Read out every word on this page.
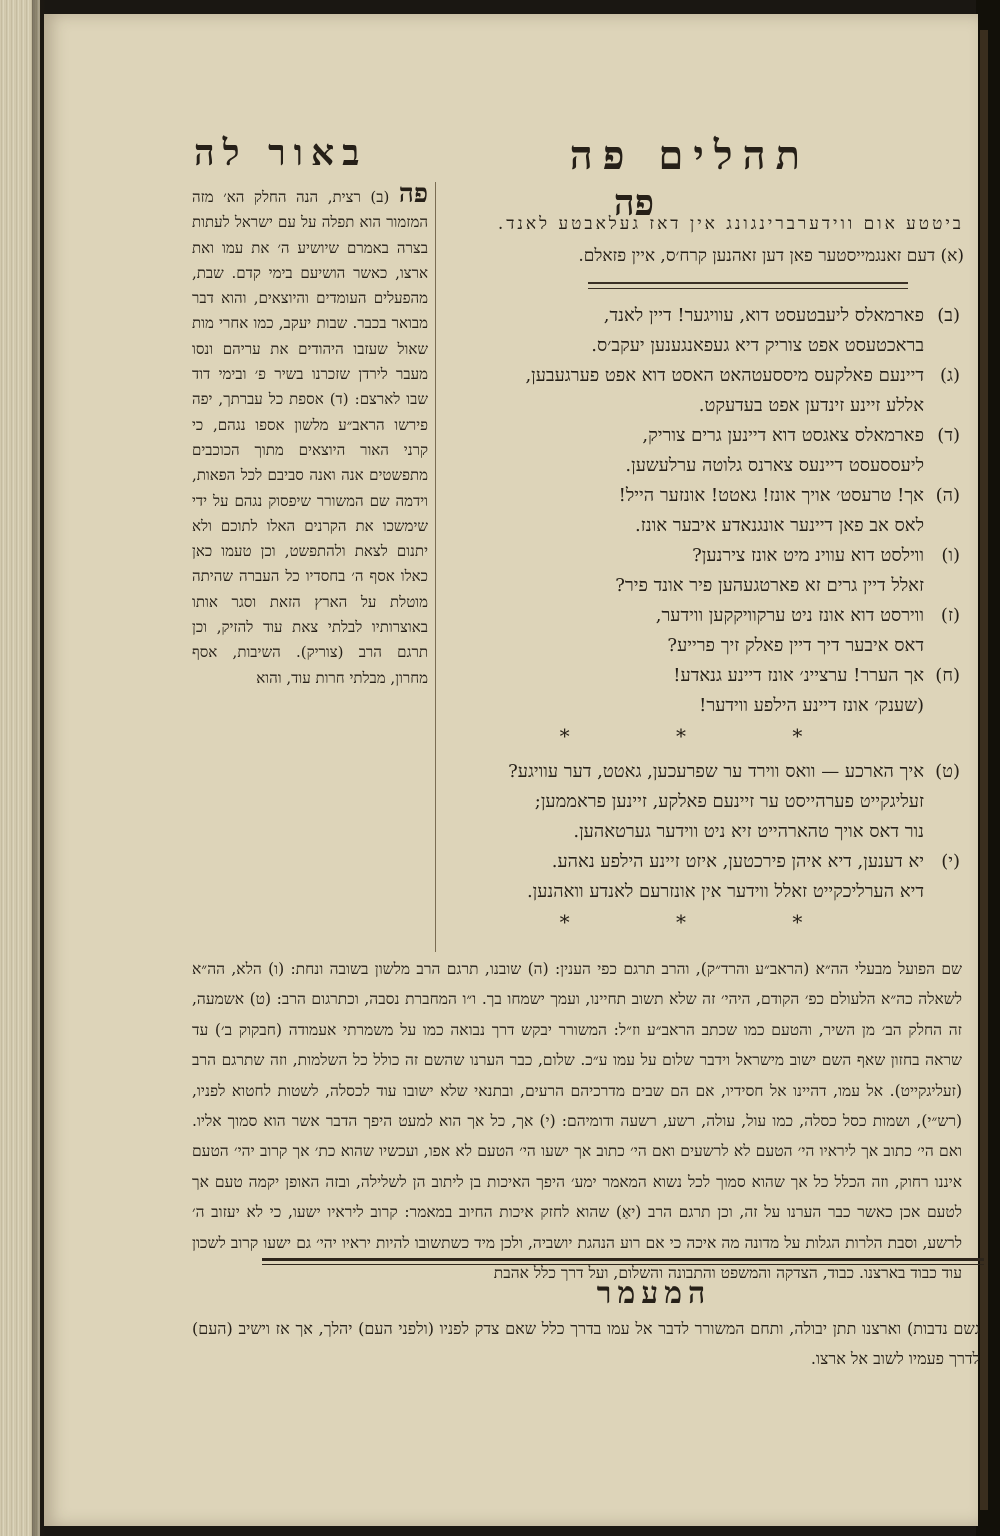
תהלים פה
באור לה
פה
פה (ב) רצית, הנה החלק הא׳ מזה המזמור הוא תפלה על עם ישראל לעתות בצרה באמרם שיושיע ה׳ את עמו ואת ארצו, כאשר הושיעם בימי קדם. שבת, מהפעלים העומדים והיוצאים, והוא דבר מבואר בכבר. שבות יעקב, כמו אחרי מות שאול שעזבו היהודים את עריהם ונסו מעבר לירדן שזכרנו בשיר פ׳ ובימי דוד שבו לארצם: (ד) אספת כל עברתך, יפה פירשו הראב״ע מלשון אספו נגהם, כי קרני האור היוצאים מתוך הכוכבים מתפשטים אנה ואנה סביבם לכל הפאות, וידמה שם המשורר שיפסוק נגהם על ידי שימשכו את הקרנים האלו לתוכם ולא יתנום לצאת ולהתפשט, וכן טעמו כאן כאלו אסף ה׳ בחסדיו כל העברה שהיתה מוטלת על הארץ הזאת וסגר אותו באוצרותיו לבלתי צאת עוד להזיק, וכן תרגם הרב (צוריק). השיבות, אסף מחרון, מבלתי חרות עוד, והוא
ביטטע אום ווידערברינגונג אין דאז געלאבטע לאנד.
(א) דעם זאנגמייסטער פאן דען זאהנען קרח׳ס, איין פזאלם.
(ב)פארמאלס ליעבטעסט דוא, עוויגער! דיין לאנד,
בראכטעסט אפט צוריק דיא געפאנגענען יעקב׳ס.
(ג)דיינעם פאלקעס מיססעטהאט האסט דוא אפט פערגעבען,
אללע זיינע זינדען אפט בעדעקט.
(ד)פארמאלס צאגסט דוא דיינען גרים צוריק,
ליעססעסט דיינעס צארנס גלוטה ערלעשען.
(ה)אך! טרעסט׳ אויך אונז! גאטט! אונזער הייל!
לאס אב פאן דיינער אונגנאדע איבער אונז.
(ו)ווילסט דוא עווינ מיט אונז צירנען?
זאלל דיין גרים זא פארטגעהען פיר אונד פיר?
(ז)ווירסט דוא אונז ניט ערקוויקקען ווידער,
דאס איבער דיך דיין פאלק זיך פרייע?
(ח)אך הערר! ערציינ׳ אונז דיינע גנאדע!
(שענק׳ אונז דיינע הילפע ווידער!
* * *
(ט)איך הארכע — וואס ווירד ער שפרעכען, גאטט, דער עוויגע?
זעליגקייט פערהייסט ער זיינעם פאלקע, זיינען פראממען;
נור דאס אויך טהארהייט זיא ניט ווידער גערטאהען.
(י)יא דענען, דיא איהן פירכטען, איזט זיינע הילפע נאהע.
דיא הערליכקייט זאלל ווידער אין אונזרעם לאנדע וואהנען.
* * *
שם הפועל מבעלי הה״א (הראב״ע והרד״ק), והרב תרגם כפי הענין: (ה) שובנו, תרגם הרב מלשון בשובה ונחת: (ו) הלא, הה״א לשאלה כה״א הלעולם כפ׳ הקודם, היהי׳ זה שלא תשוב תחיינו, ועמך ישמחו בך. ו״ו המחברת נסבה, וכתרגום הרב: (ט) אשמעה, זה החלק הב׳ מן השיר, והטעם כמו שכתב הראב״ע וז״ל: המשורר יבקש דרך נבואה כמו על משמרתי אעמודה (חבקוק ב׳) עד שראה בחזון שאף השם ישוב מישראל וידבר שלום על עמו ע״כ. שלום, כבר הערנו שהשם זה כולל כל השלמות, וזה שתרגם הרב (זעליגקייט). אל עמו, דהיינו אל חסידיו, אם הם שבים מדרכיהם הרעים, ובתנאי שלא ישובו עוד לכסלה, לשטות לחטוא לפניו, (רש״י), ושמות כסל כסלה, כמו עול, עולה, רשע, רשעה ודומיהם: (י) אך, כל אך הוא למעט היפך הדבר אשר הוא סמוך אליו. ואם הי׳ כתוב אך ליראיו הי׳ הטעם לא לרשעים ואם הי׳ כתוב אך ישעו הי׳ הטעם לא אפו, ועכשיו שהוא כת׳ אך קרוב יהי׳ הטעם איננו רחוק, וזה הכלל כל אך שהוא סמוך לכל נשוא המאמר ימע׳ היפך האיכות בן ליתוב הן לשלילה, ובזה האופן יקמה טעם אך לטעם אכן כאשר כבר הערנו על זה, וכן תרגם הרב (יאַ) שהוא לחזק איכות החיוב במאמר: קרוב ליראיו ישעו, כי לא יעזוב ה׳ לרשע, וסבת הלרות הגלות על מדונה מה איכה כי אם רוע הנהגת יושביה, ולכן מיד כשתשובו להיות יראיו יהי׳ גם ישעו קרוב לשכון עוד כבוד בארצנו. כבוד, הצדקה והמשפט והתבונה והשלום, ועל דרך כלל אהבת
המעמר
גשם נדבות) וארצנו תתן יבולה, ותחם המשורר לדבר אל עמו בדרך כלל שאם צדק לפניו (ולפני העם) יהלך, אך אז וישיב (העם) לדרך פעמיו לשוב אל ארצו.
